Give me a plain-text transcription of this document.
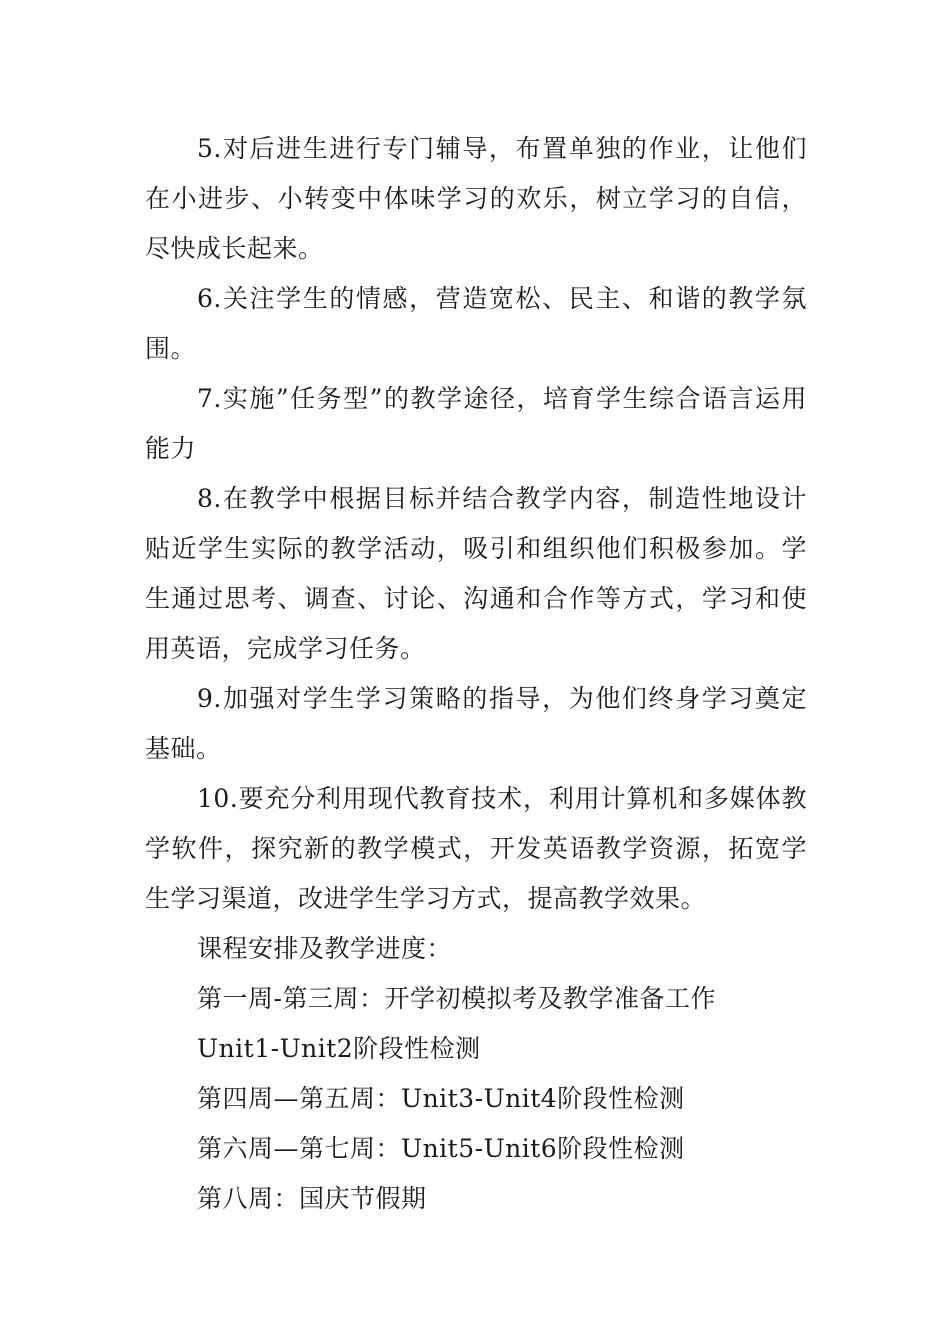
5.对后进生进行专门辅导，布置单独的作业，让他们在小进步、小转变中体味学习的欢乐，树立学习的自信，尽快成长起来。

6.关注学生的情感，营造宽松、民主、和谐的教学氛围。

7.实施”任务型”的教学途径，培育学生综合语言运用能力

8.在教学中根据目标并结合教学内容，制造性地设计贴近学生实际的教学活动，吸引和组织他们积极参加。学生通过思考、调查、讨论、沟通和合作等方式，学习和使用英语，完成学习任务。

9.加强对学生学习策略的指导，为他们终身学习奠定基础。

10.要充分利用现代教育技术，利用计算机和多媒体教学软件，探究新的教学模式，开发英语教学资源，拓宽学生学习渠道，改进学生学习方式，提高教学效果。

课程安排及教学进度：

第一周-第三周：开学初模拟考及教学准备工作

Unit1-Unit2阶段性检测

第四周—第五周：Unit3-Unit4阶段性检测

第六周—第七周：Unit5-Unit6阶段性检测

第八周：国庆节假期
